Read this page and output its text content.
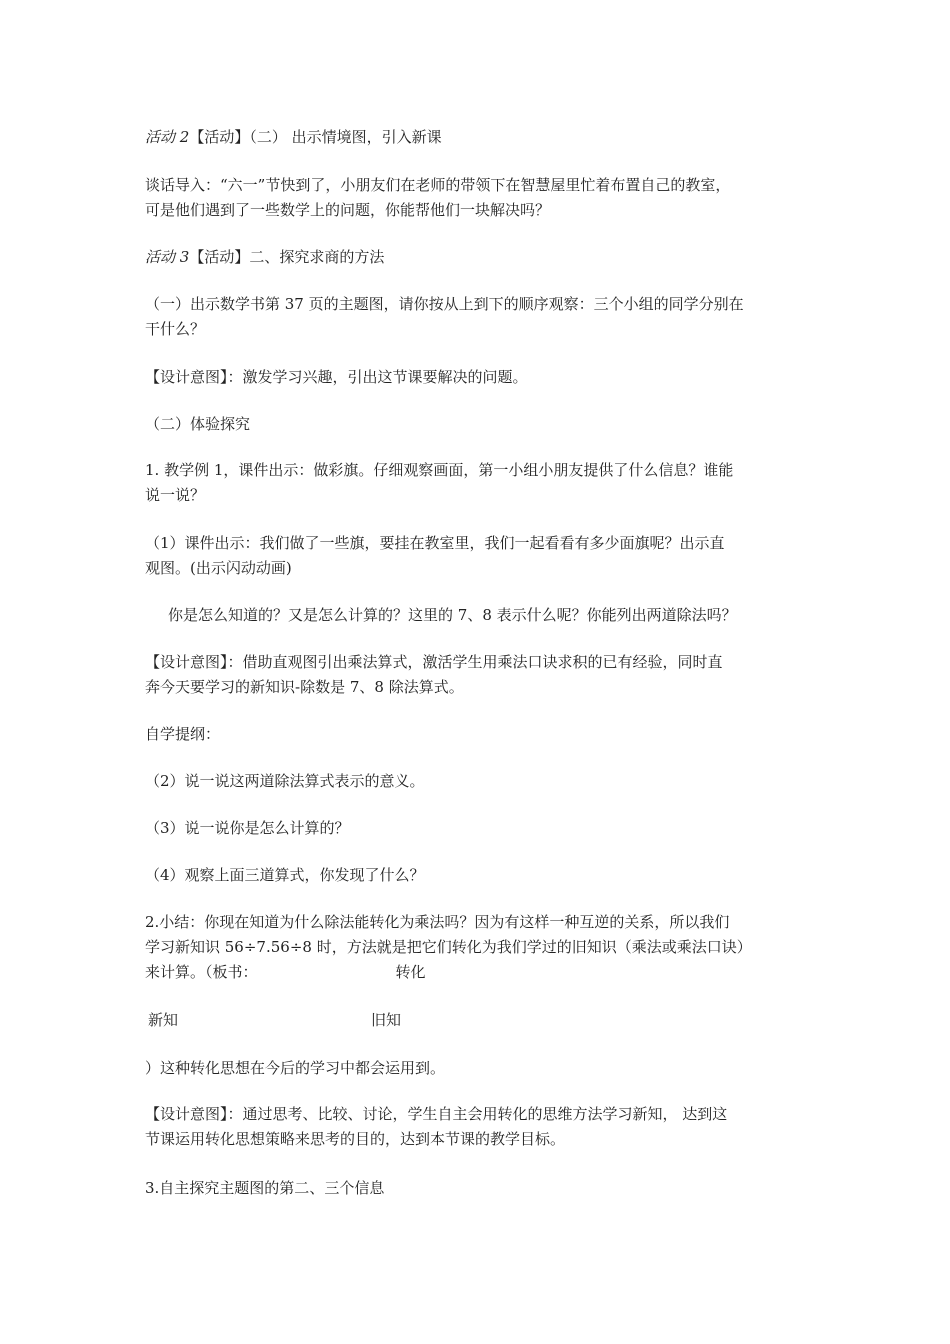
活动 2【活动】（二） 出示情境图，引入新课
谈话导入：“六一”节快到了，小朋友们在老师的带领下在智慧屋里忙着布置自己的教室，
可是他们遇到了一些数学上的问题，你能帮他们一块解决吗？
活动 3【活动】二、探究求商的方法
（一）出示数学书第 37 页的主题图，请你按从上到下的顺序观察：三个小组的同学分别在
干什么？
【设计意图】：激发学习兴趣，引出这节课要解决的问题。
（二）体验探究
1. 教学例 1，课件出示：做彩旗。仔细观察画面，第一小组小朋友提供了什么信息？谁能
说一说？
（1）课件出示：我们做了一些旗，要挂在教室里，我们一起看看有多少面旗呢？出示直
观图。(出示闪动动画)
你是怎么知道的？又是怎么计算的？这里的 7、8 表示什么呢？你能列出两道除法吗？
【设计意图】：借助直观图引出乘法算式，激活学生用乘法口诀求积的已有经验，同时直
奔今天要学习的新知识-除数是 7、8 除法算式。
自学提纲：
（2）说一说这两道除法算式表示的意义。
（3）说一说你是怎么计算的？
（4）观察上面三道算式，你发现了什么？
2.小结：你现在知道为什么除法能转化为乘法吗？因为有这样一种互逆的关系，所以我们
学习新知识 56÷7.56÷8 时，方法就是把它们转化为我们学过的旧知识（乘法或乘法口诀）
来计算。（板书：	转化
新知	旧知
）这种转化思想在今后的学习中都会运用到。
【设计意图】：通过思考、比较、讨论，学生自主会用转化的思维方法学习新知， 达到这
节课运用转化思想策略来思考的目的，达到本节课的教学目标。
3.自主探究主题图的第二、三个信息
